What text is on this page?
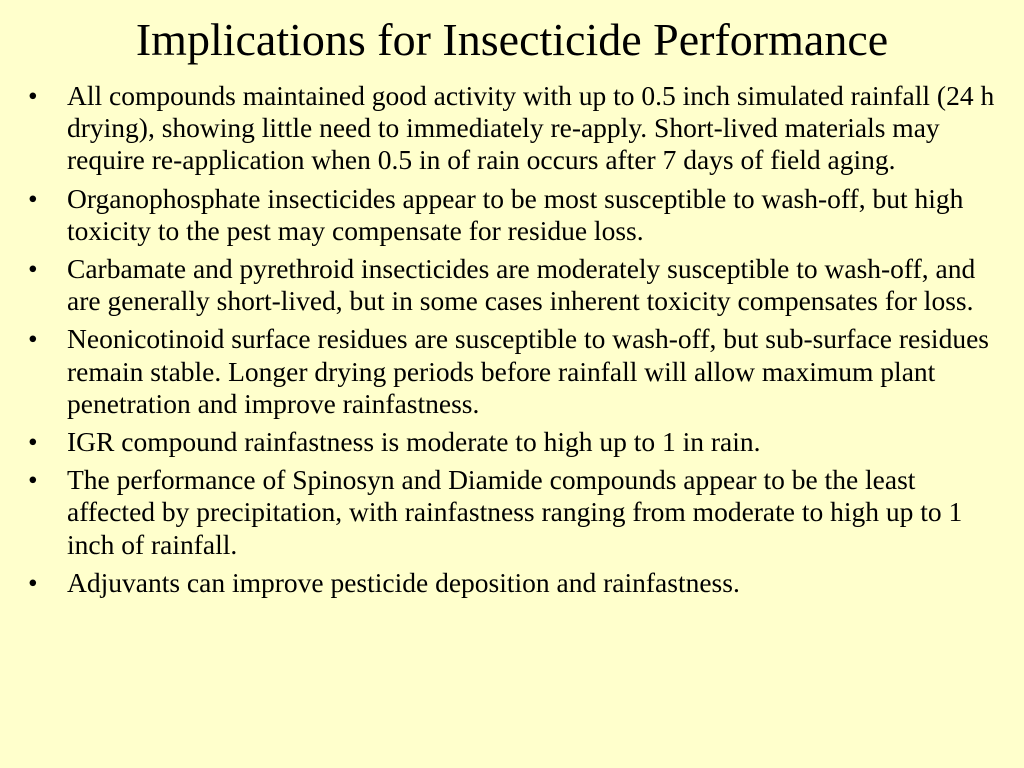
Implications for Insecticide Performance
•	All compounds maintained good activity with up to 0.5 inch simulated rainfall (24 h drying), showing little need to immediately re-apply. Short-lived materials may require re-application when 0.5 in of rain occurs after 7 days of field aging.
•	Organophosphate insecticides appear to be most susceptible to wash-off, but high toxicity to the pest may compensate for residue loss.
•	Carbamate and pyrethroid insecticides are moderately susceptible to wash-off, and are generally short-lived, but in some cases inherent toxicity compensates for loss.
•	Neonicotinoid surface residues are susceptible to wash-off, but sub-surface residues remain stable. Longer drying periods before rainfall will allow maximum plant penetration and improve rainfastness.
•	IGR compound rainfastness is moderate to high up to 1 in rain.
•	The performance of Spinosyn and Diamide compounds appear to be the least affected by precipitation, with rainfastness ranging from moderate to high up to 1 inch of rainfall.
•	Adjuvants can improve pesticide deposition and rainfastness.
